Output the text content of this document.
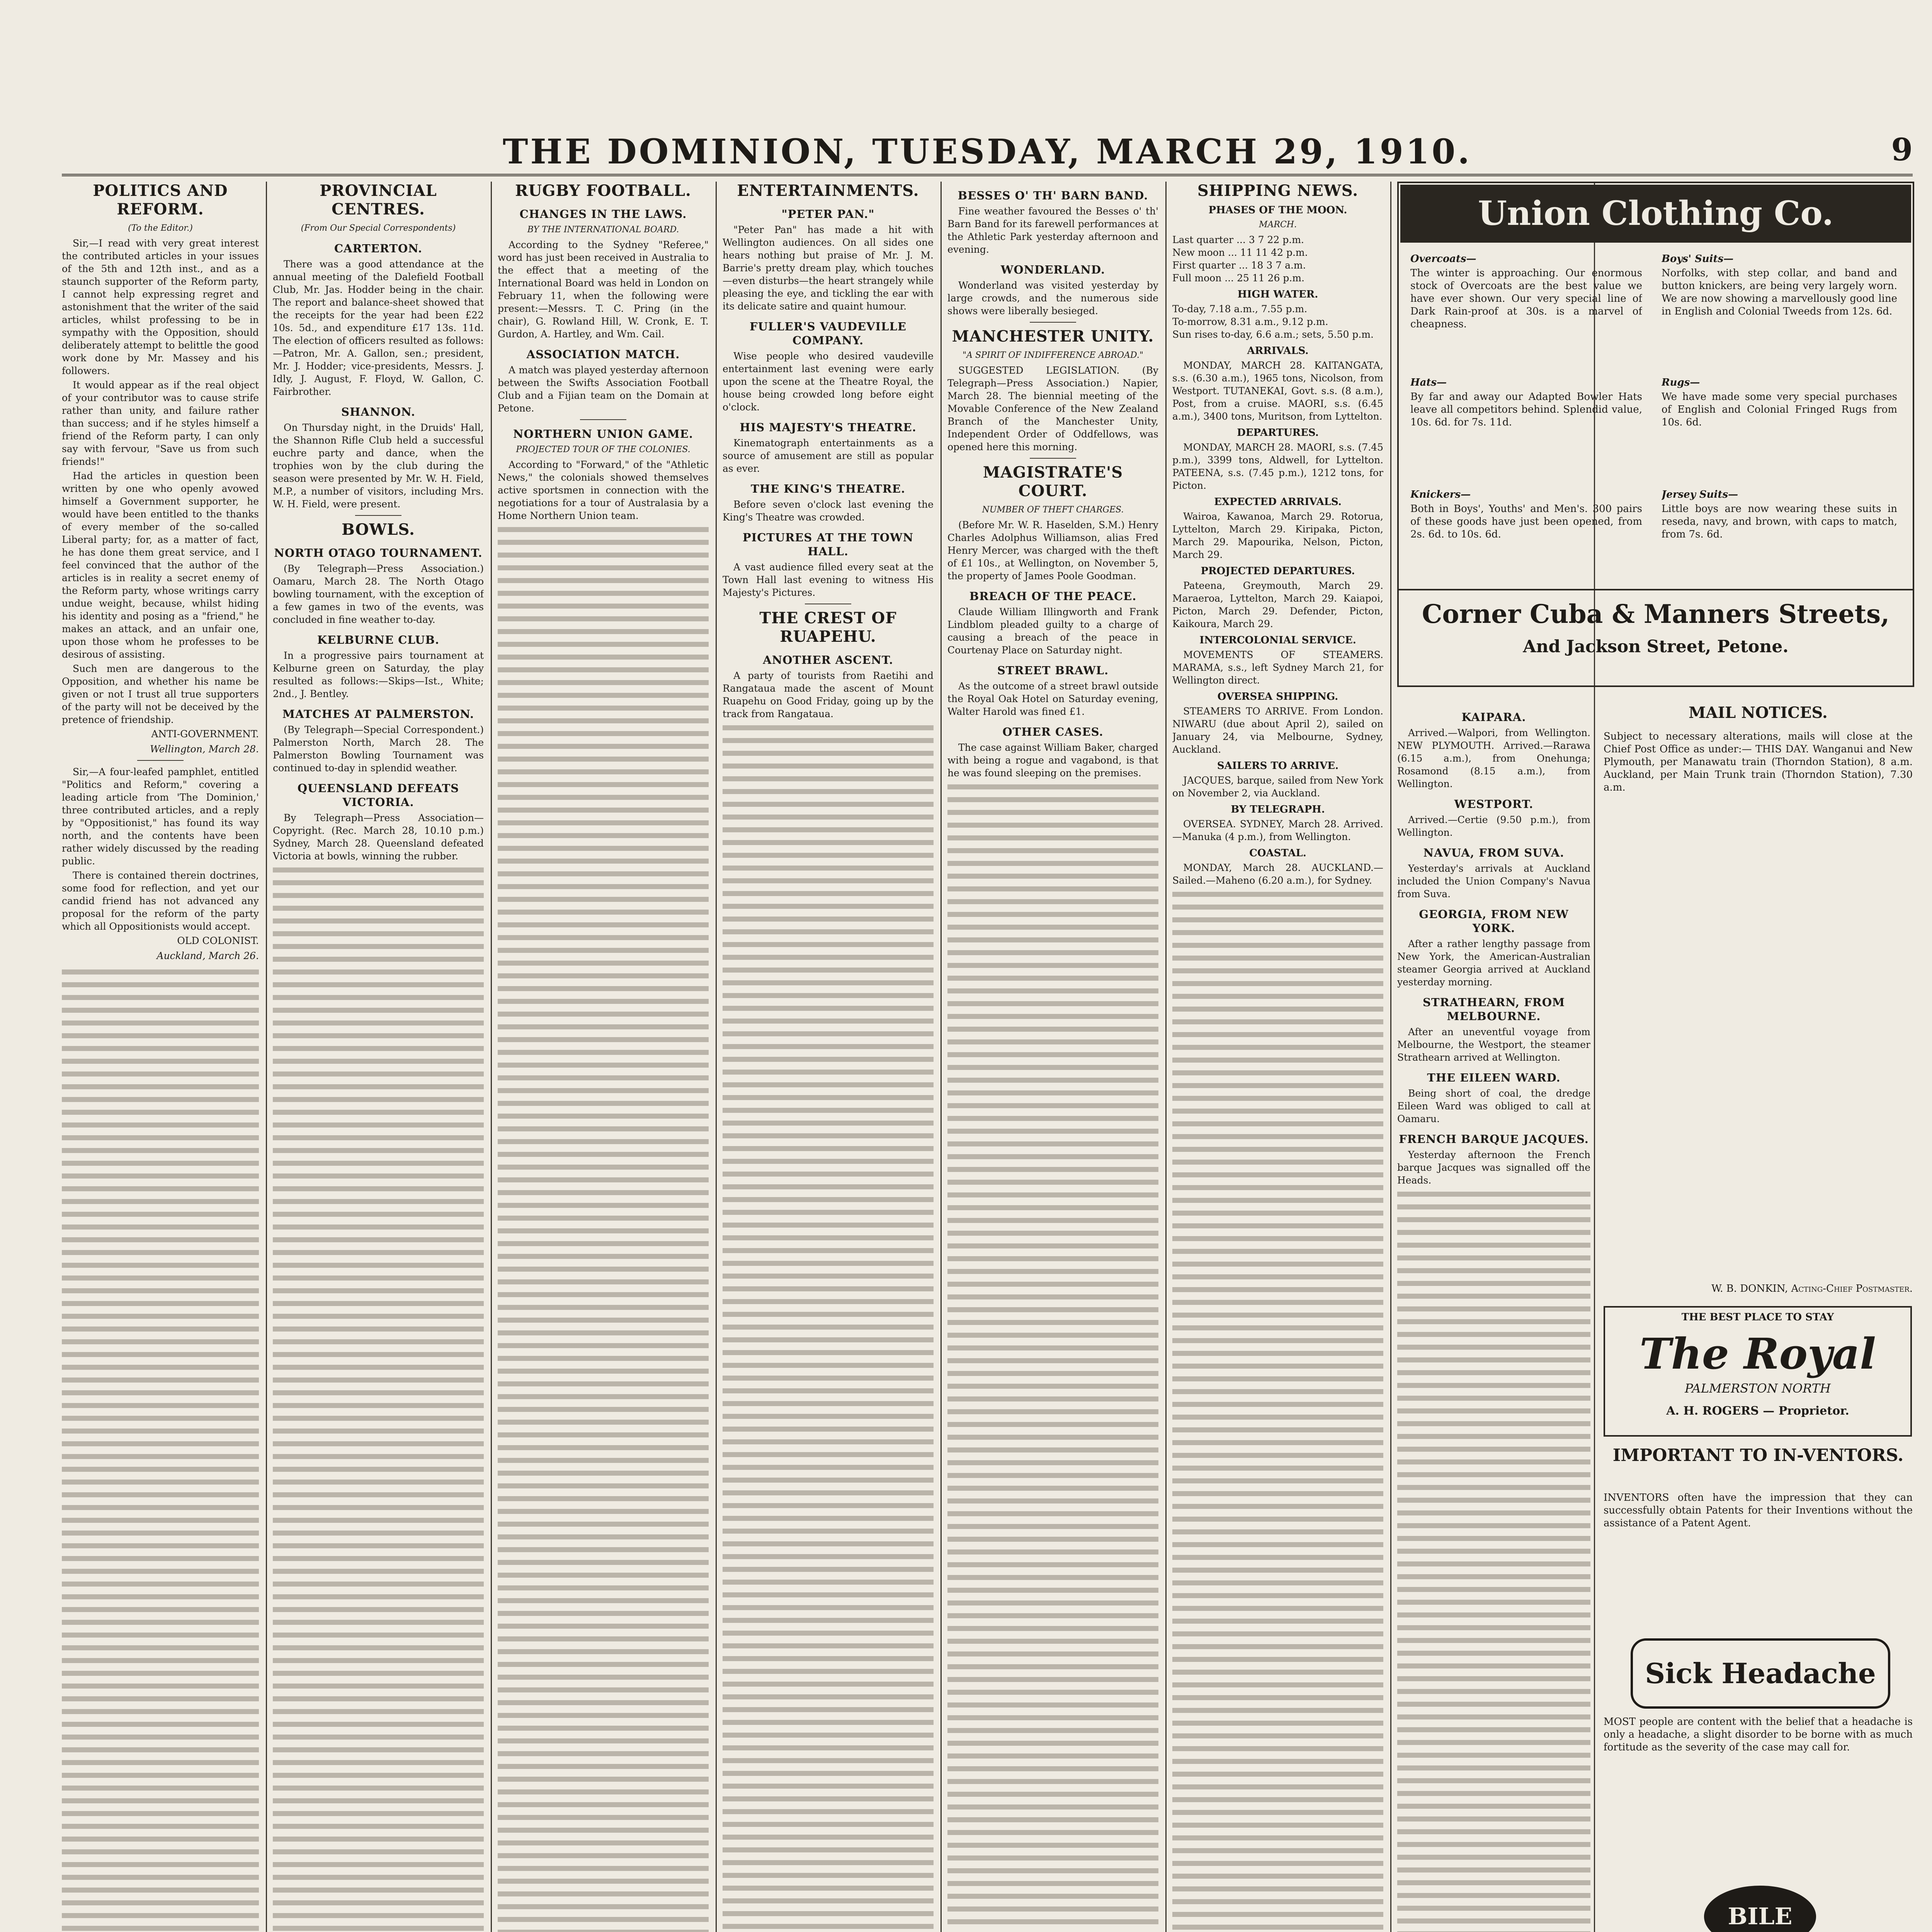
THE DOMINION, TUESDAY, MARCH 29, 1910.	9
POLITICS AND REFORM.
(To the Editor.)

Sir,—I read with very great interest the contributed articles in your issues of the 5th and 12th inst., and as a staunch supporter of the Reform party, I cannot help expressing regret and astonishment that the writer of the said articles, whilst professing to be in sympathy with the Opposition, should deliberately attempt to belittle the good work done by Mr. Massey and his followers.

It would appear as if the real object of your contributor was to cause strife rather than unity, and failure rather than success; and if he styles himself a friend of the Reform party, I can only say with fervour, "Save us from such friends!"

Had the articles in question been written by one who openly avowed himself a Government supporter, he would have been entitled to the thanks of every member of the so-called Liberal party; for, as a matter of fact, he has done them great service, and I feel convinced that the author of the articles is in reality a secret enemy of the Reform party, whose writings carry undue weight, because, whilst hiding his identity and posing as a "friend," he makes an attack, and an unfair one, upon those whom he professes to be desirous of assisting.

Such men are dangerous to the Opposition, and whether his name be given or not I trust all true supporters of the party will not be deceived by the pretence of friendship.

ANTI-GOVERNMENT.
Wellington, March 28.

Sir,—A four-leafed pamphlet, entitled "Politics and Reform," covering a leading article from 'The Dominion,' three contributed articles, and a reply by "Oppositionist," has found its way north, and the contents have been rather widely discussed by the reading public.

There is contained therein doctrines, some food for reflection, and yet our candid friend has not advanced any proposal for the reform of the party which all Oppositionists would accept.

OLD COLONIST.
Auckland, March 26.
PROVINCIAL CENTRES.
(From Our Special Correspondents)
CARTERTON.

There was a good attendance at the annual meeting of the Dalefield Football Club, Mr. Jas. Hodder being in the chair. The report and balance-sheet showed that the receipts for the year had been £22 10s. 5d., and expenditure £17 13s. 11d. The election of officers resulted as follows:—Patron, Mr. A. Gallon, sen.; president, Mr. J. Hodder; vice-presidents, Messrs. J. Idly, J. August, F. Floyd, W. Gallon, C. Fairbrother.

SHANNON.

On Thursday night, in the Druids' Hall, the Shannon Rifle Club held a successful euchre party and dance, when the trophies won by the club during the season were presented by Mr. W. H. Field, M.P., a number of visitors, including Mrs. W. H. Field, were present.

BOWLS.
NORTH OTAGO TOURNAMENT.

(By Telegraph—Press Association.) Oamaru, March 28. The North Otago bowling tournament, with the exception of a few games in two of the events, was concluded in fine weather to-day.

KELBURNE CLUB.

In a progressive pairs tournament at Kelburne green on Saturday, the play resulted as follows:—Skips—Ist., White; 2nd., J. Bentley.

MATCHES AT PALMERSTON.

(By Telegraph—Special Correspondent.) Palmerston North, March 28. The Palmerston Bowling Tournament was continued to-day in splendid weather.

QUEENSLAND DEFEATS VICTORIA.

By Telegraph—Press Association—Copyright. (Rec. March 28, 10.10 p.m.) Sydney, March 28. Queensland defeated Victoria at bowls, winning the rubber.

RUGBY FOOTBALL.
CHANGES IN THE LAWS.
BY THE INTERNATIONAL BOARD.

According to the Sydney "Referee," word has just been received in Australia to the effect that a meeting of the International Board was held in London on February 11, when the following were present:—Messrs. T. C. Pring (in the chair), G. Rowland Hill, W. Cronk, E. T. Gurdon, A. Hartley, and Wm. Cail.

ASSOCIATION MATCH.

A match was played yesterday afternoon between the Swifts Association Football Club and a Fijian team on the Domain at Petone.

NORTHERN UNION GAME.
PROJECTED TOUR OF THE COLONIES.

According to "Forward," of the "Athletic News," the colonials showed themselves active sportsmen in connection with the negotiations for a tour of Australasia by a Home Northern Union team.

ENTERTAINMENTS.
"PETER PAN."

"Peter Pan" has made a hit with Wellington audiences. On all sides one hears nothing but praise of Mr. J. M. Barrie's pretty dream play, which touches—even disturbs—the heart strangely while pleasing the eye, and tickling the ear with its delicate satire and quaint humour.

FULLER'S VAUDEVILLE COMPANY.

Wise people who desired vaudeville entertainment last evening were early upon the scene at the Theatre Royal, the house being crowded long before eight o'clock.

HIS MAJESTY'S THEATRE.

Kinematograph entertainments as a source of amusement are still as popular as ever.

THE KING'S THEATRE.

Before seven o'clock last evening the King's Theatre was crowded.

PICTURES AT THE TOWN HALL.

A vast audience filled every seat at the Town Hall last evening to witness His Majesty's Pictures.

THE CREST OF RUAPEHU.
ANOTHER ASCENT.

A party of tourists from Raetihi and Rangataua made the ascent of Mount Ruapehu on Good Friday, going up by the track from Rangataua.

BESSES O' TH' BARN BAND.

Fine weather favoured the Besses o' th' Barn Band for its farewell performances at the Athletic Park yesterday afternoon and evening.

WONDERLAND.

Wonderland was visited yesterday by large crowds, and the numerous side shows were liberally besieged.

MANCHESTER UNITY.
"A SPIRIT OF INDIFFERENCE ABROAD."

SUGGESTED LEGISLATION. (By Telegraph—Press Association.) Napier, March 28. The biennial meeting of the Movable Conference of the New Zealand Branch of the Manchester Unity, Independent Order of Oddfellows, was opened here this morning.

MAGISTRATE'S COURT.
NUMBER OF THEFT CHARGES.

(Before Mr. W. R. Haselden, S.M.) Henry Charles Adolphus Williamson, alias Fred Henry Mercer, was charged with the theft of £1 10s., at Wellington, on November 5, the property of James Poole Goodman.

BREACH OF THE PEACE.

Claude William Illingworth and Frank Lindblom pleaded guilty to a charge of causing a breach of the peace in Courtenay Place on Saturday night.

STREET BRAWL.

As the outcome of a street brawl outside the Royal Oak Hotel on Saturday evening, Walter Harold was fined £1.

OTHER CASES.

The case against William Baker, charged with being a rogue and vagabond, is that he was found sleeping on the premises.

SHIPPING NEWS.
PHASES OF THE MOON.
MARCH.

Last quarter ... 3 7 22 p.m.

New moon ... 11 11 42 p.m.

First quarter ... 18 3 7 a.m.

Full moon ... 25 11 26 p.m.

HIGH WATER.

To-day, 7.18 a.m., 7.55 p.m.

To-morrow, 8.31 a.m., 9.12 p.m.

Sun rises to-day, 6.6 a.m.; sets, 5.50 p.m.

ARRIVALS.

MONDAY, MARCH 28. KAITANGATA, s.s. (6.30 a.m.), 1965 tons, Nicolson, from Westport. TUTANEKAI, Govt. s.s. (8 a.m.), Post, from a cruise. MAORI, s.s. (6.45 a.m.), 3400 tons, Muritson, from Lyttelton.

DEPARTURES.

MONDAY, MARCH 28. MAORI, s.s. (7.45 p.m.), 3399 tons, Aldwell, for Lyttelton. PATEENA, s.s. (7.45 p.m.), 1212 tons, for Picton.

EXPECTED ARRIVALS.

Wairoa, Kawanoa, March 29. Rotorua, Lyttelton, March 29. Kiripaka, Picton, March 29. Mapourika, Nelson, Picton, March 29.

PROJECTED DEPARTURES.

Pateena, Greymouth, March 29. Maraeroa, Lyttelton, March 29. Kaiapoi, Picton, March 29. Defender, Picton, Kaikoura, March 29.

INTERCOLONIAL SERVICE.

MOVEMENTS OF STEAMERS. MARAMA, s.s., left Sydney March 21, for Wellington direct.

OVERSEA SHIPPING.

STEAMERS TO ARRIVE. From London. NIWARU (due about April 2), sailed on January 24, via Melbourne, Sydney, Auckland.

SAILERS TO ARRIVE.

JACQUES, barque, sailed from New York on November 2, via Auckland.

BY TELEGRAPH.

OVERSEA. SYDNEY, March 28. Arrived.—Manuka (4 p.m.), from Wellington.

COASTAL.

MONDAY, March 28. AUCKLAND.—Sailed.—Maheno (6.20 a.m.), for Sydney.

KAIPARA.

Arrived.—Walpori, from Wellington. NEW PLYMOUTH. Arrived.—Rarawa (6.15 a.m.), from Onehunga; Rosamond (8.15 a.m.), from Wellington.

WESTPORT.

Arrived.—Certie (9.50 p.m.), from Wellington.

NAVUA, FROM SUVA.

Yesterday's arrivals at Auckland included the Union Company's Navua from Suva.

GEORGIA, FROM NEW YORK.

After a rather lengthy passage from New York, the American-Australian steamer Georgia arrived at Auckland yesterday morning.

STRATHEARN, FROM MELBOURNE.

After an uneventful voyage from Melbourne, the Westport, the steamer Strathearn arrived at Wellington.

THE EILEEN WARD.

Being short of coal, the dredge Eileen Ward was obliged to call at Oamaru.

FRENCH BARQUE JACQUES.

Yesterday afternoon the French barque Jacques was signalled off the Heads.

Union Clothing Co.
Overcoats—
The winter is approaching. Our enormous stock of Overcoats are the best value we have ever shown. Our very special line of Dark Rain-proof at 30s. is a marvel of cheapness.
Boys' Suits—
Norfolks, with step collar, and band and button knickers, are being very largely worn. We are now showing a marvellously good line in English and Colonial Tweeds from 12s. 6d.
Hats—
By far and away our Adapted Bowler Hats leave all competitors behind. Splendid value, 10s. 6d. for 7s. 11d.
Rugs—
We have made some very special purchases of English and Colonial Fringed Rugs from 10s. 6d.
Knickers—
Both in Boys', Youths' and Men's. 300 pairs of these goods have just been opened, from 2s. 6d. to 10s. 6d.
Jersey Suits—
Little boys are now wearing these suits in reseda, navy, and brown, with caps to match, from 7s. 6d.
Corner Cuba & Manners Streets,
And Jackson Street, Petone.
MAIL NOTICES.
Subject to necessary alterations, mails will close at the Chief Post Office as under:— THIS DAY. Wanganui and New Plymouth, per Manawatu train (Thorndon Station), 8 a.m. Auckland, per Main Trunk train (Thorndon Station), 7.30 a.m.
W. B. DONKIN, Acting-Chief Postmaster.
THE BEST PLACE TO STAY
The Royal
PALMERSTON NORTH
A. H. ROGERS — Proprietor.
IMPORTANT TO IN-VENTORS.
INVENTORS often have the impression that they can successfully obtain Patents for their Inventions without the assistance of a Patent Agent.
Sick Headache
MOST people are content with the belief that a headache is only a headache, a slight disorder to be borne with as much fortitude as the severity of the case may call for.
BILE
